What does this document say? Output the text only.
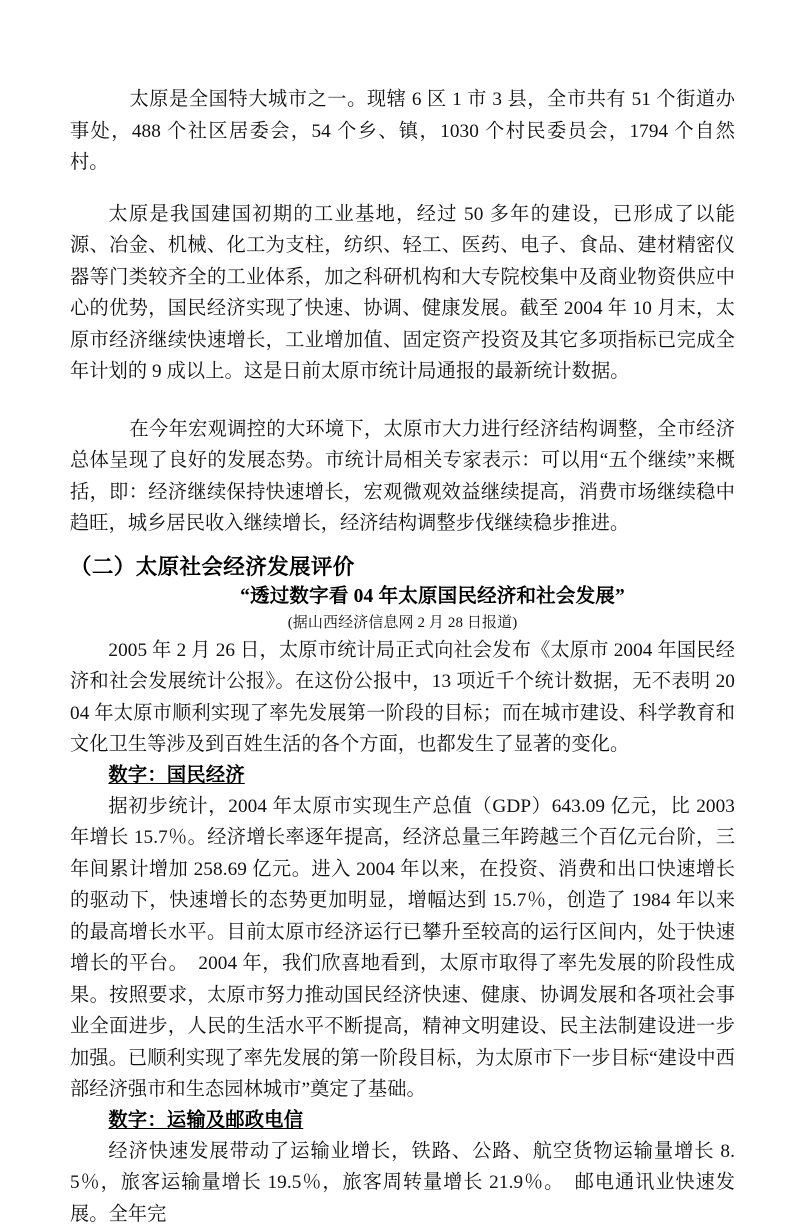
太原是全国特大城市之一。现辖 6 区 1 市 3 县，全市共有 51 个街道办事处，488 个社区居委会，54 个乡、镇，1030 个村民委员会，1794 个自然村。

太原是我国建国初期的工业基地，经过 50 多年的建设，已形成了以能源、冶金、机械、化工为支柱，纺织、轻工、医药、电子、食品、建材精密仪器等门类较齐全的工业体系，加之科研机构和大专院校集中及商业物资供应中心的优势，国民经济实现了快速、协调、健康发展。截至 2004 年 10 月末，太原市经济继续快速增长，工业增加值、固定资产投资及其它多项指标已完成全年计划的 9 成以上。这是日前太原市统计局通报的最新统计数据。

在今年宏观调控的大环境下，太原市大力进行经济结构调整，全市经济总体呈现了良好的发展态势。市统计局相关专家表示：可以用“五个继续”来概括，即：经济继续保持快速增长，宏观微观效益继续提高，消费市场继续稳中趋旺，城乡居民收入继续增长，经济结构调整步伐继续稳步推进。

（二）太原社会经济发展评价

“透过数字看 04 年太原国民经济和社会发展”

(据山西经济信息网 2 月 28 日报道)

2005 年 2 月 26 日，太原市统计局正式向社会发布《太原市 2004 年国民经济和社会发展统计公报》。在这份公报中，13 项近千个统计数据，无不表明 2004 年太原市顺利实现了率先发展第一阶段的目标；而在城市建设、科学教育和文化卫生等涉及到百姓生活的各个方面，也都发生了显著的变化。

数字：国民经济

据初步统计，2004 年太原市实现生产总值（GDP）643.09 亿元，比 2003 年增长 15.7％。经济增长率逐年提高，经济总量三年跨越三个百亿元台阶，三年间累计增加 258.69 亿元。进入 2004 年以来，在投资、消费和出口快速增长的驱动下，快速增长的态势更加明显，增幅达到 15.7％，创造了 1984 年以来的最高增长水平。目前太原市经济运行已攀升至较高的运行区间内，处于快速增长的平台。　2004 年，我们欣喜地看到，太原市取得了率先发展的阶段性成果。按照要求，太原市努力推动国民经济快速、健康、协调发展和各项社会事业全面进步，人民的生活水平不断提高，精神文明建设、民主法制建设进一步加强。已顺利实现了率先发展的第一阶段目标，为太原市下一步目标“建设中西部经济强市和生态园林城市”奠定了基础。

数字：运输及邮政电信

经济快速发展带动了运输业增长，铁路、公路、航空货物运输量增长 8.5％，旅客运输量增长 19.5％，旅客周转量增长 21.9％。　邮电通讯业快速发展。全年完
